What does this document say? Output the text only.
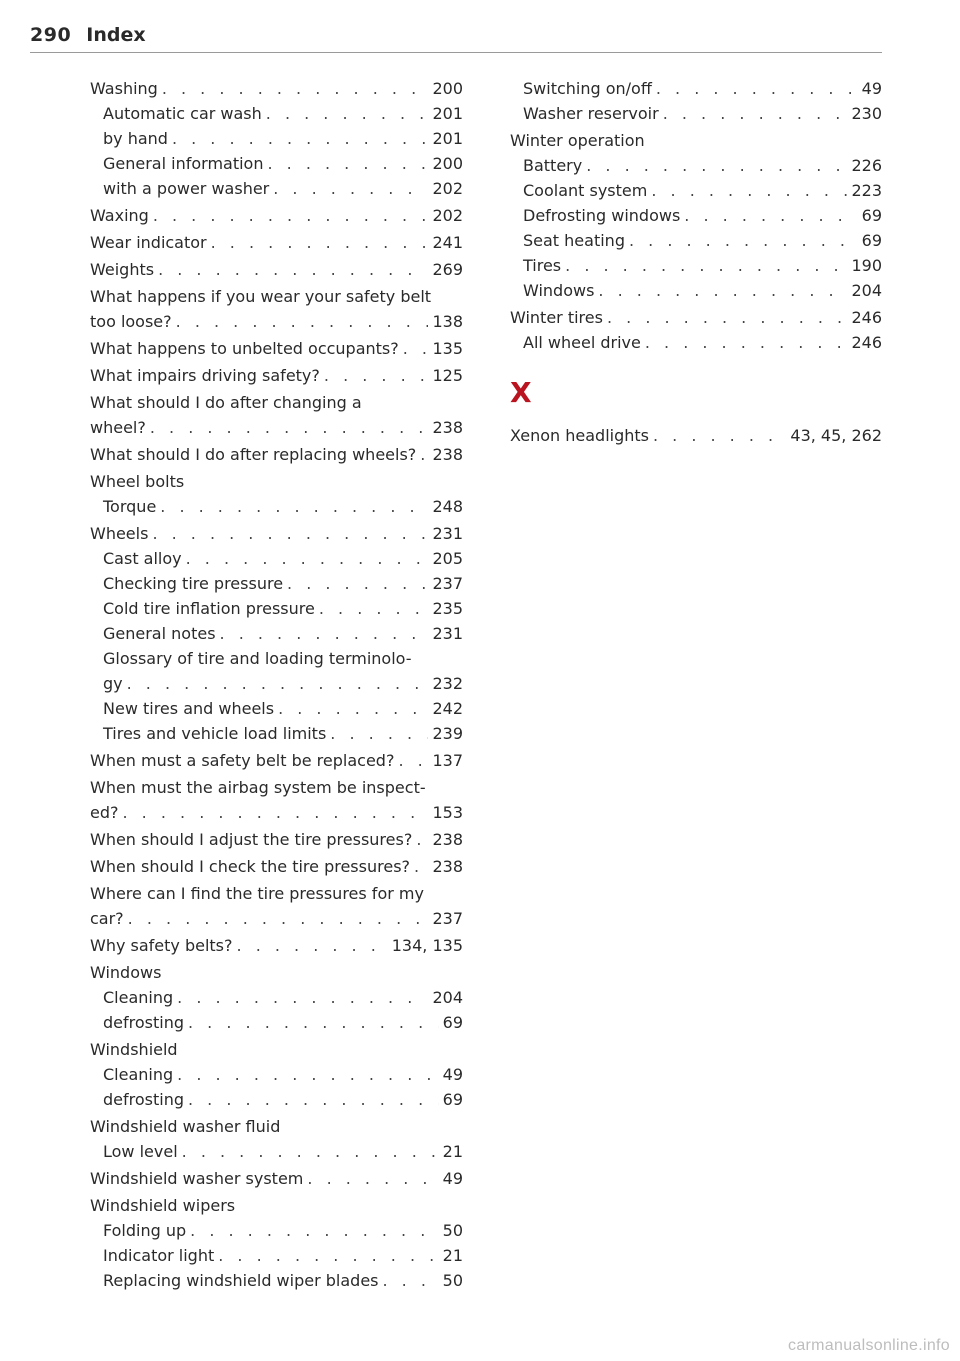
290 Index
Washing . . .	200
Automatic car wash . . .	201
by hand . . .	201
General information . . .	200
with a power washer . . .	202
Waxing . . .	202
Wear indicator . . .	241
Weights . . .	269
What happens if you wear your safety belt
too loose? . . .	138
What happens to unbelted occupants? . . . 135
What impairs driving safety? . . .	125
What should I do after changing a
wheel? . . .	238
What should I do after replacing wheels? . . . 238
Wheel bolts
Torque . . .	248
Wheels . . .	231
Cast alloy . . .	205
Checking tire pressure . . .	237
Cold tire inflation pressure . . .	235
General notes . . .	231
Glossary of tire and loading terminolo-
gy . . .	232
New tires and wheels . . .	242
Tires and vehicle load limits . . .	239
When must a safety belt be replaced? . . . 137
When must the airbag system be inspect-
ed? . . .	153
When should I adjust the tire pressures? . . . 238
When should I check the tire pressures? . . . 238
Where can I find the tire pressures for my
car? . . .	237
Why safety belts? . . .	134, 135
Windows
Cleaning . . .	204
defrosting . . .	69
Windshield
Cleaning . . .	49
defrosting . . .	69
Windshield washer fluid
Low level . . .	21
Windshield washer system . . .	49
Windshield wipers
Folding up . . .	50
Indicator light . . .	21
Replacing windshield wiper blades . . .	50
Switching on/off . . .	49
Washer reservoir . . .	230
Winter operation
Battery . . .	226
Coolant system . . .	223
Defrosting windows . . .	69
Seat heating . . .	69
Tires . . .	190
Windows . . .	204
Winter tires . . .	246
All wheel drive . . .	246
X
Xenon headlights . . .	43, 45, 262
carmanualsonline.info
